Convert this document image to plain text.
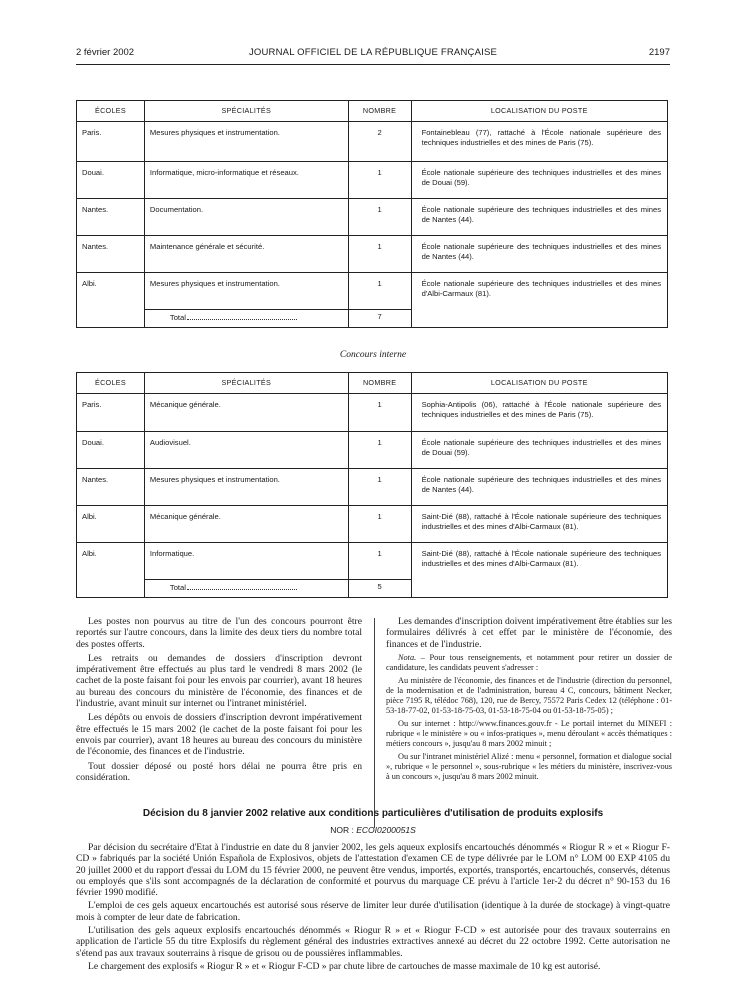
2 février 2002	JOURNAL OFFICIEL DE LA RÉPUBLIQUE FRANÇAISE	2197
ÉCOLES	SPÉCIALITÉS	NOMBRE	LOCALISATION DU POSTE
Paris.	Mesures physiques et instrumentation.	2	Fontainebleau (77), rattaché à l'École nationale supérieure des techniques industrielles et des mines de Paris (75).
Douai.	Informatique, micro-informatique et réseaux.	1	École nationale supérieure des techniques industrielles et des mines de Douai (59).
Nantes.	Documentation.	1	École nationale supérieure des techniques industrielles et des mines de Nantes (44).
Nantes.	Maintenance générale et sécurité.	1	École nationale supérieure des techniques industrielles et des mines de Nantes (44).
Albi.	Mesures physiques et instrumentation.	1	École nationale supérieure des techniques industrielles et des mines d'Albi-Carmaux (81).
	Total	7	
Concours interne
ÉCOLES	SPÉCIALITÉS	NOMBRE	LOCALISATION DU POSTE
Paris.	Mécanique générale.	1	Sophia-Antipolis (06), rattaché à l'École nationale supérieure des techniques industrielles et des mines de Paris (75).
Douai.	Audiovisuel.	1	École nationale supérieure des techniques industrielles et des mines de Douai (59).
Nantes.	Mesures physiques et instrumentation.	1	École nationale supérieure des techniques industrielles et des mines de Nantes (44).
Albi.	Mécanique générale.	1	Saint-Dié (88), rattaché à l'École nationale supérieure des techniques industrielles et des mines d'Albi-Carmaux (81).
Albi.	Informatique.	1	Saint-Dié (88), rattaché à l'École nationale supérieure des techniques industrielles et des mines d'Albi-Carmaux (81).
	Total	5	

Les postes non pourvus au titre de l'un des concours pourront être reportés sur l'autre concours, dans la limite des deux tiers du nombre total des postes offerts.

Les retraits ou demandes de dossiers d'inscription devront impérativement être effectués au plus tard le vendredi 8 mars 2002 (le cachet de la poste faisant foi pour les envois par courrier), avant 18 heures au bureau des concours du ministère de l'économie, des finances et de l'industrie, avant minuit sur internet ou l'intranet ministériel.

Les dépôts ou envois de dossiers d'inscription devront impérativement être effectués le 15 mars 2002 (le cachet de la poste faisant foi pour les envois par courrier), avant 18 heures au bureau des concours du ministère de l'économie, des finances et de l'industrie.

Tout dossier déposé ou posté hors délai ne pourra être pris en considération.

Les demandes d'inscription doivent impérativement être établies sur les formulaires délivrés à cet effet par le ministère de l'économie, des finances et de l'industrie.

Nota. – Pour tous renseignements, et notamment pour retirer un dossier de candidature, les candidats peuvent s'adresser :

Au ministère de l'économie, des finances et de l'industrie (direction du personnel, de la modernisation et de l'administration, bureau 4 C, concours, bâtiment Necker, pièce 7195 R, télédoc 768), 120, rue de Bercy, 75572 Paris Cedex 12 (téléphone : 01-53-18-77-02, 01-53-18-75-03, 01-53-18-75-04 ou 01-53-18-75-05) ;

Ou sur internet : http://www.finances.gouv.fr - Le portail internet du MINEFI : rubrique « le ministère » ou « infos-pratiques », menu déroulant « accès thématiques : métiers concours », jusqu'au 8 mars 2002 minuit ;

Ou sur l'intranet ministériel Alizé : menu « personnel, formation et dialogue social », rubrique « le personnel », sous-rubrique « les métiers du ministère, inscrivez-vous à un concours », jusqu'au 8 mars 2002 minuit.

Décision du 8 janvier 2002 relative aux conditions particulières d'utilisation de produits explosifs
NOR : ECOI0200051S

Par décision du secrétaire d'Etat à l'industrie en date du 8 janvier 2002, les gels aqueux explosifs encartouchés dénommés « Riogur R » et « Riogur F-CD » fabriqués par la société Unión Española de Explosivos, objets de l'attestation d'examen CE de type délivrée par le LOM n° LOM 00 EXP 4105 du 20 juillet 2000 et du rapport d'essai du LOM du 15 février 2000, ne peuvent être vendus, importés, exportés, transportés, encartouchés, conservés, détenus ou employés que s'ils sont accompagnés de la déclaration de conformité et pourvus du marquage CE prévu à l'article 1er-2 du décret n° 90-153 du 16 février 1990 modifié.

L'emploi de ces gels aqueux encartouchés est autorisé sous réserve de limiter leur durée d'utilisation (identique à la durée de stockage) à vingt-quatre mois à compter de leur date de fabrication.

L'utilisation des gels aqueux explosifs encartouchés dénommés « Riogur R » et « Riogur F-CD » est autorisée pour des travaux souterrains en application de l'article 55 du titre Explosifs du règlement général des industries extractives annexé au décret du 22 octobre 1992. Cette autorisation ne s'étend pas aux travaux souterrains à risque de grisou ou de poussières inflammables.

Le chargement des explosifs « Riogur R » et « Riogur F-CD » par chute libre de cartouches de masse maximale de 10 kg est autorisé.
